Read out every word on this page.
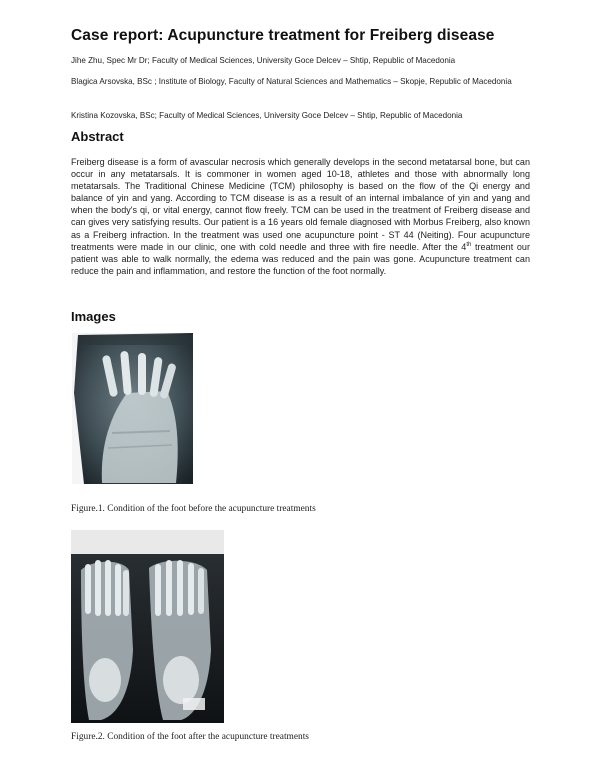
Case report: Acupuncture treatment for Freiberg disease
Jihe Zhu, Spec Mr Dr; Faculty of Medical Sciences, University Goce Delcev – Shtip, Republic of Macedonia
Blagica Arsovska, BSc ; Institute of Biology, Faculty of Natural Sciences and Mathematics – Skopje, Republic of Macedonia
Kristina Kozovska, BSc; Faculty of Medical Sciences, University Goce Delcev – Shtip, Republic of Macedonia
Abstract
Freiberg disease is a form of avascular necrosis which generally develops in the second metatarsal bone, but can occur in any metatarsals. It is commoner in women aged 10-18, athletes and those with abnormally long metatarsals. The Traditional Chinese Medicine (TCM) philosophy is based on the flow of the Qi energy and balance of yin and yang. According to TCM disease is as a result of an internal imbalance of yin and yang and when the body's qi, or vital energy, cannot flow freely. TCM can be used in the treatment of Freiberg disease and can gives very satisfying results. Our patient is a 16 years old female diagnosed with Morbus Freiberg, also known as a Freiberg infraction. In the treatment was used one acupuncture point - ST 44 (Neiting). Four acupuncture treatments were made in our clinic, one with cold needle and three with fire needle. After the 4th treatment our patient was able to walk normally, the edema was reduced and the pain was gone. Acupuncture treatment can reduce the pain and inflammation, and restore the function of the foot normally.
Images
Figure.1. Condition of the foot before the acupuncture treatments
Figure.2. Condition of the foot after the acupuncture treatments
